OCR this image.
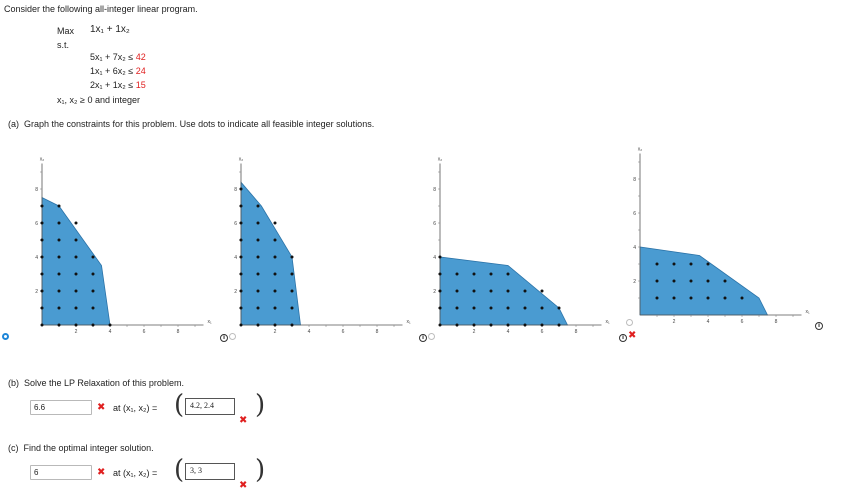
Consider the following all-integer linear program.
Max 1x₁ + 1x₂
s.t.
5x₁ + 7x₂ ≤ 42
1x₁ + 6x₂ ≤ 24
2x₁ + 1x₂ ≤ 15
x₁, x₂ ≥ 0 and integer
(a) Graph the constraints for this problem. Use dots to indicate all feasible integer solutions.
2	4	6	8
2
4
6
8
x₁
x₂
2	4	6	8
2
4
6
8
x₁
x₂
2	4	6	8
2
4
6
8
x₁
x₂
2	4	6	8
2
4
6
8
x₁
x₂
i	i	i ✖
i
(b) Solve the LP Relaxation of this problem.
6.6	✖ at (x₁, x₂) = ( 4.2, 2.4	)
✖
(c) Find the optimal integer solution.
6	✖ at (x₁, x₂) = ( 3, 3	)
✖
